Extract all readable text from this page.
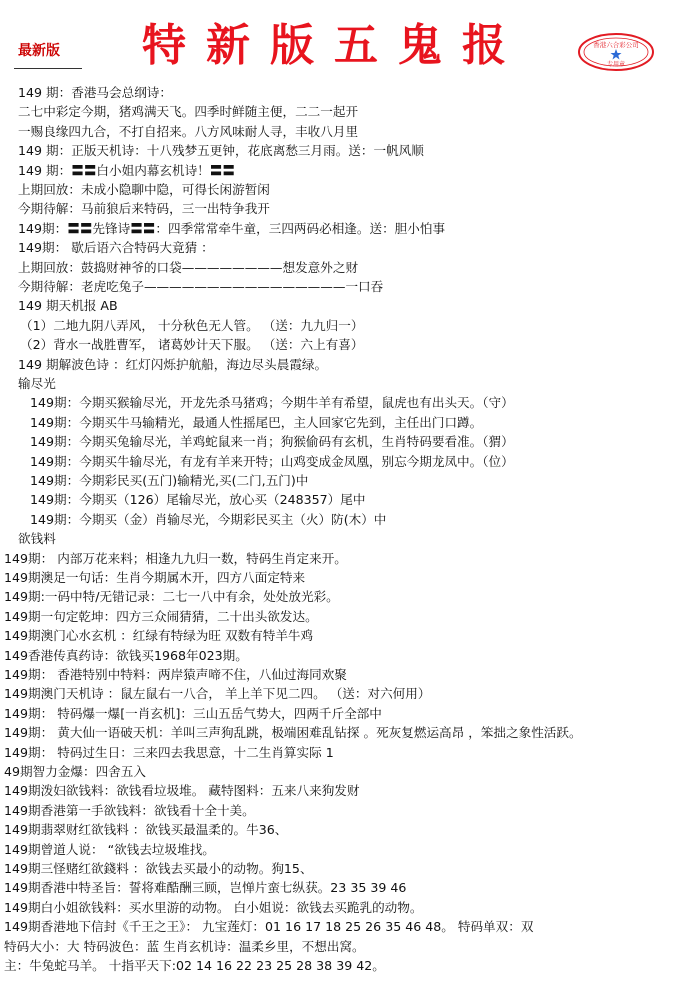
最新版 特新版五鬼报	香港六合彩公司
专用章
149 期：香港马会总纲诗：
二七中彩定今期，猪鸡满天飞。四季时鲜随主便，二二一起开
一赐良缘四九合，不打自招来。八方风味耐人寻，丰收八月里
149 期：正版天机诗：十八残梦五更钟，花底离愁三月雨。送：一帆风顺
149 期：〓〓白小姐内幕玄机诗！〓〓
上期回放：未成小隐聊中隐，可得长闲游暂闲
今期待解：马前狼后来特码，三一出特争我开
149期：〓〓先锋诗〓〓：四季常常牵牛童，三四两码必相逢。送：胆小怕事
149期： 歇后语六合特码大竟猜 ：
上期回放：鼓捣财神爷的口袋————————想发意外之财
今期待解：老虎吃兔子————————————————一口吞
149 期天机报 AB
（1）二地九阴八弄风， 十分秋色无人管。 （送：九九归一）
（2）背水一战胜曹军， 诸葛妙计天下服。 （送：六上有喜）
149 期解波色诗 ：红灯闪烁护航船，海边尽头晨霞绿。
输尽光
149期：今期买猴输尽光，开龙先杀马猪鸡；今期牛羊有希望，鼠虎也有出头天。（守）
149期：今期买牛马输精光，最通人性摇尾巴，主人回家它先到，主任出门口蹲。
149期：今期买兔输尽光，羊鸡蛇鼠来一肖；狗猴偷码有玄机，生肖特码要看准。（猬）
149期：今期买牛输尽光，有龙有羊来开特；山鸡变成金凤凰，别忘今期龙凤中。（位）
149期：今期彩民买(五门)输精光,买(二门,五门)中
149期：今期买（126）尾输尽光，放心买（248357）尾中
149期：今期买（金）肖输尽光，今期彩民买主（火）防(木）中
欲钱料
149期： 内部万花来料；相逢九九归一数，特码生肖定来开。
149期澳足一句话：生肖今期属木开，四方八面定特来
149期:一码中特/无错记录：二七一八中有余，处处放光彩。
149期一句定乾坤：四方三众闹猜猜，二十出头欲发达。
149期澳门心水玄机 ：红绿有特绿为旺 双数有特羊牛鸡
149香港传真药诗：欲钱买1968年023期。
149期： 香港特别中特料：两岸猿声啼不住，八仙过海同欢聚
149期澳门天机诗 ：鼠左鼠右一八合， 羊上羊下见二四。 （送：对六何用）
149期： 特码爆一爆[一肖玄机]：三山五岳气势大，四两千斤全部中
149期： 黄大仙一语破天机：羊叫三声狗乱跳，极端困难乱钻探 。死灰复燃运高昂 ，笨拙之象性活跃。
149期： 特码过生日：三来四去我思意，十二生肖算实际 1
49期智力金爆：四舍五入
149期泼妇欲钱料：欲钱看垃圾堆。 藏特图料：五来八来狗发财
149期香港第一手欲钱料：欲钱看十全十美。
149期翡翠财红欲钱料 ：欲钱买最温柔的。牛36、
149期曾道人说： “欲钱去垃圾堆找。
149期三怪赌红欲錢料 ：欲钱去买最小的动物。狗15、
149期香港中特圣旨：誓将难酷酬三顾，岂惮片蛮七纵获。23 35 39 46
149期白小姐欲钱料：买水里游的动物。 白小姐说：欲钱去买跪乳的动物。
149期香港地下信封《千王之王》： 九宝莲灯：01 16 17 18 25 26 35 46 48。 特码单双：双
特码大小：大 特码波色：蓝 生肖玄机诗：温柔乡里，不想出窝。
主：牛兔蛇马羊。 十指平天下:02 14 16 22 23 25 28 38 39 42。
